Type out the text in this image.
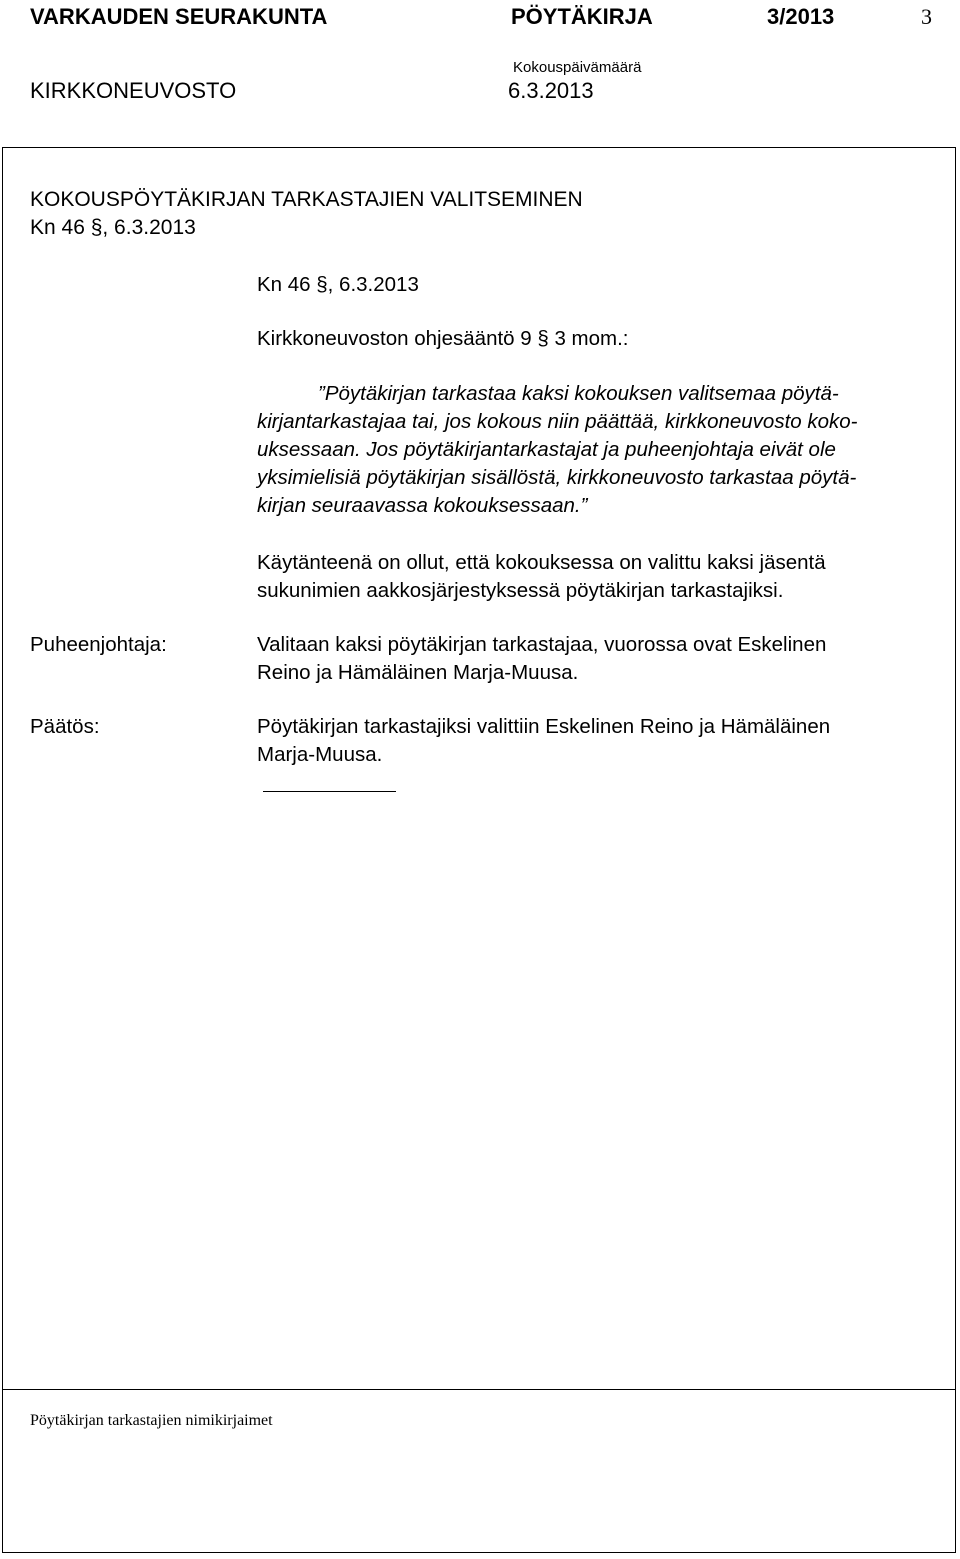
VARKAUDEN SEURAKUNTA	PÖYTÄKIRJA	3/2013	3
Kokouspäivämäärä
KIRKKONEUVOSTO	6.3.2013
KOKOUSPÖYTÄKIRJAN TARKASTAJIEN VALITSEMINEN
Kn 46 §, 6.3.2013
Kn 46 §, 6.3.2013
Kirkkoneuvoston ohjesääntö 9 § 3 mom.:
”Pöytäkirjan tarkastaa kaksi kokouksen valitsemaa pöytä-
kirjantarkastajaa tai, jos kokous niin päättää, kirkkoneuvosto koko-
uksessaan. Jos pöytäkirjantarkastajat ja puheenjohtaja eivät ole
yksimielisiä pöytäkirjan sisällöstä, kirkkoneuvosto tarkastaa pöytä-
kirjan seuraavassa kokouksessaan.”
Käytänteenä on ollut, että kokouksessa on valittu kaksi jäsentä
sukunimien aakkosjärjestyksessä pöytäkirjan tarkastajiksi.
Puheenjohtaja:	Valitaan kaksi pöytäkirjan tarkastajaa, vuorossa ovat Eskelinen
Reino ja Hämäläinen Marja-Muusa.
Päätös:	Pöytäkirjan tarkastajiksi valittiin Eskelinen Reino ja Hämäläinen
Marja-Muusa.
Pöytäkirjan tarkastajien nimikirjaimet
